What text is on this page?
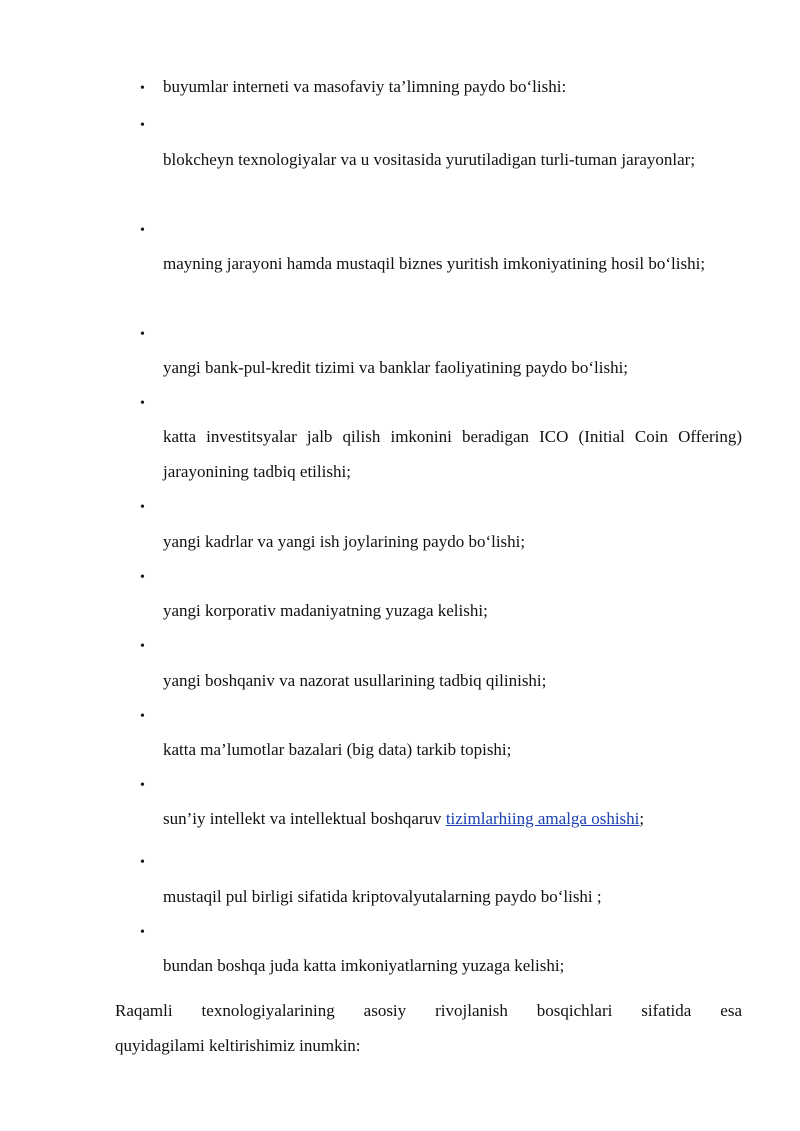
• buyumlar interneti va masofaviy ta’limning paydo bo‘lishi:
•
blokcheyn texnologiyalar va u vositasida yurutiladigan turli-tuman jarayonlar;
•
mayning jarayoni hamda mustaqil biznes yuritish imkoniyatining hosil bo‘lishi;
•
yangi bank-pul-kredit tizimi va banklar faoliyatining paydo bo‘lishi;
•
katta investitsyalar jalb qilish imkonini beradigan ICO (Initial Coin Offering) jarayonining tadbiq etilishi;
•
yangi kadrlar va yangi ish joylarining paydo bo‘lishi;
•
yangi korporativ madaniyatning yuzaga kelishi;
•
yangi boshqaniv va nazorat usullarining tadbiq qilinishi;
•
katta ma’lumotlar bazalari (big data) tarkib topishi;
•
sun’iy intellekt va intellektual boshqaruv tizimlarhiing amalga oshishi;
•
mustaqil pul birligi sifatida kriptovalyutalarning paydo bo‘lishi ;
•
bundan boshqa juda katta imkoniyatlarning yuzaga kelishi;
Raqamli texnologiyalarining asosiy rivojlanish bosqichlari sifatida esa
quyidagilami keltirishimiz inumkin:
